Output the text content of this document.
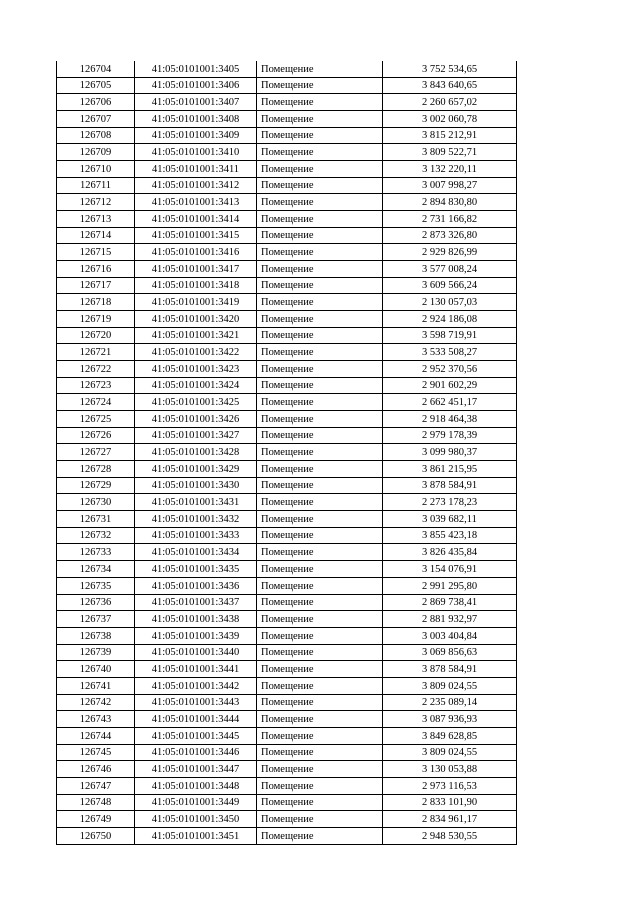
126704	41:05:0101001:3405	Помещение	3 752 534,65
126705	41:05:0101001:3406	Помещение	3 843 640,65
126706	41:05:0101001:3407	Помещение	2 260 657,02
126707	41:05:0101001:3408	Помещение	3 002 060,78
126708	41:05:0101001:3409	Помещение	3 815 212,91
126709	41:05:0101001:3410	Помещение	3 809 522,71
126710	41:05:0101001:3411	Помещение	3 132 220,11
126711	41:05:0101001:3412	Помещение	3 007 998,27
126712	41:05:0101001:3413	Помещение	2 894 830,80
126713	41:05:0101001:3414	Помещение	2 731 166,82
126714	41:05:0101001:3415	Помещение	2 873 326,80
126715	41:05:0101001:3416	Помещение	2 929 826,99
126716	41:05:0101001:3417	Помещение	3 577 008,24
126717	41:05:0101001:3418	Помещение	3 609 566,24
126718	41:05:0101001:3419	Помещение	2 130 057,03
126719	41:05:0101001:3420	Помещение	2 924 186,08
126720	41:05:0101001:3421	Помещение	3 598 719,91
126721	41:05:0101001:3422	Помещение	3 533 508,27
126722	41:05:0101001:3423	Помещение	2 952 370,56
126723	41:05:0101001:3424	Помещение	2 901 602,29
126724	41:05:0101001:3425	Помещение	2 662 451,17
126725	41:05:0101001:3426	Помещение	2 918 464,38
126726	41:05:0101001:3427	Помещение	2 979 178,39
126727	41:05:0101001:3428	Помещение	3 099 980,37
126728	41:05:0101001:3429	Помещение	3 861 215,95
126729	41:05:0101001:3430	Помещение	3 878 584,91
126730	41:05:0101001:3431	Помещение	2 273 178,23
126731	41:05:0101001:3432	Помещение	3 039 682,11
126732	41:05:0101001:3433	Помещение	3 855 423,18
126733	41:05:0101001:3434	Помещение	3 826 435,84
126734	41:05:0101001:3435	Помещение	3 154 076,91
126735	41:05:0101001:3436	Помещение	2 991 295,80
126736	41:05:0101001:3437	Помещение	2 869 738,41
126737	41:05:0101001:3438	Помещение	2 881 932,97
126738	41:05:0101001:3439	Помещение	3 003 404,84
126739	41:05:0101001:3440	Помещение	3 069 856,63
126740	41:05:0101001:3441	Помещение	3 878 584,91
126741	41:05:0101001:3442	Помещение	3 809 024,55
126742	41:05:0101001:3443	Помещение	2 235 089,14
126743	41:05:0101001:3444	Помещение	3 087 936,93
126744	41:05:0101001:3445	Помещение	3 849 628,85
126745	41:05:0101001:3446	Помещение	3 809 024,55
126746	41:05:0101001:3447	Помещение	3 130 053,88
126747	41:05:0101001:3448	Помещение	2 973 116,53
126748	41:05:0101001:3449	Помещение	2 833 101,90
126749	41:05:0101001:3450	Помещение	2 834 961,17
126750	41:05:0101001:3451	Помещение	2 948 530,55
